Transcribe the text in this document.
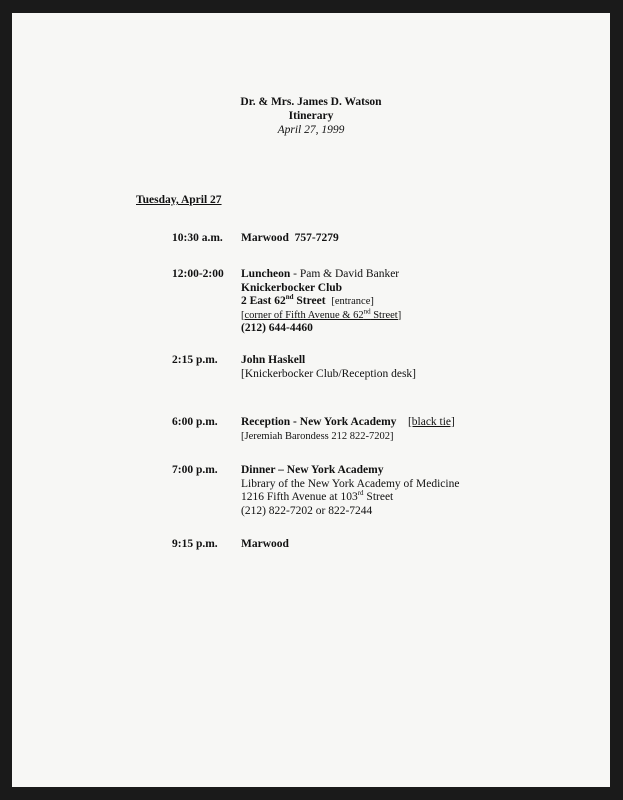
Dr. & Mrs. James D. Watson
Itinerary
April 27, 1999
Tuesday, April 27
10:30 a.m. Marwood 757-7279
12:00-2:00 Luncheon - Pam & David Banker
Knickerbocker Club
2 East 62nd Street [entrance]
[corner of Fifth Avenue & 62nd Street]
(212) 644-4460
2:15 p.m. John Haskell
[Knickerbocker Club/Reception desk]
6:00 p.m. Reception - New York Academy [black tie]
[Jeremiah Barondess 212 822-7202]
7:00 p.m. Dinner – New York Academy
Library of the New York Academy of Medicine
1216 Fifth Avenue at 103rd Street
(212) 822-7202 or 822-7244
9:15 p.m. Marwood
